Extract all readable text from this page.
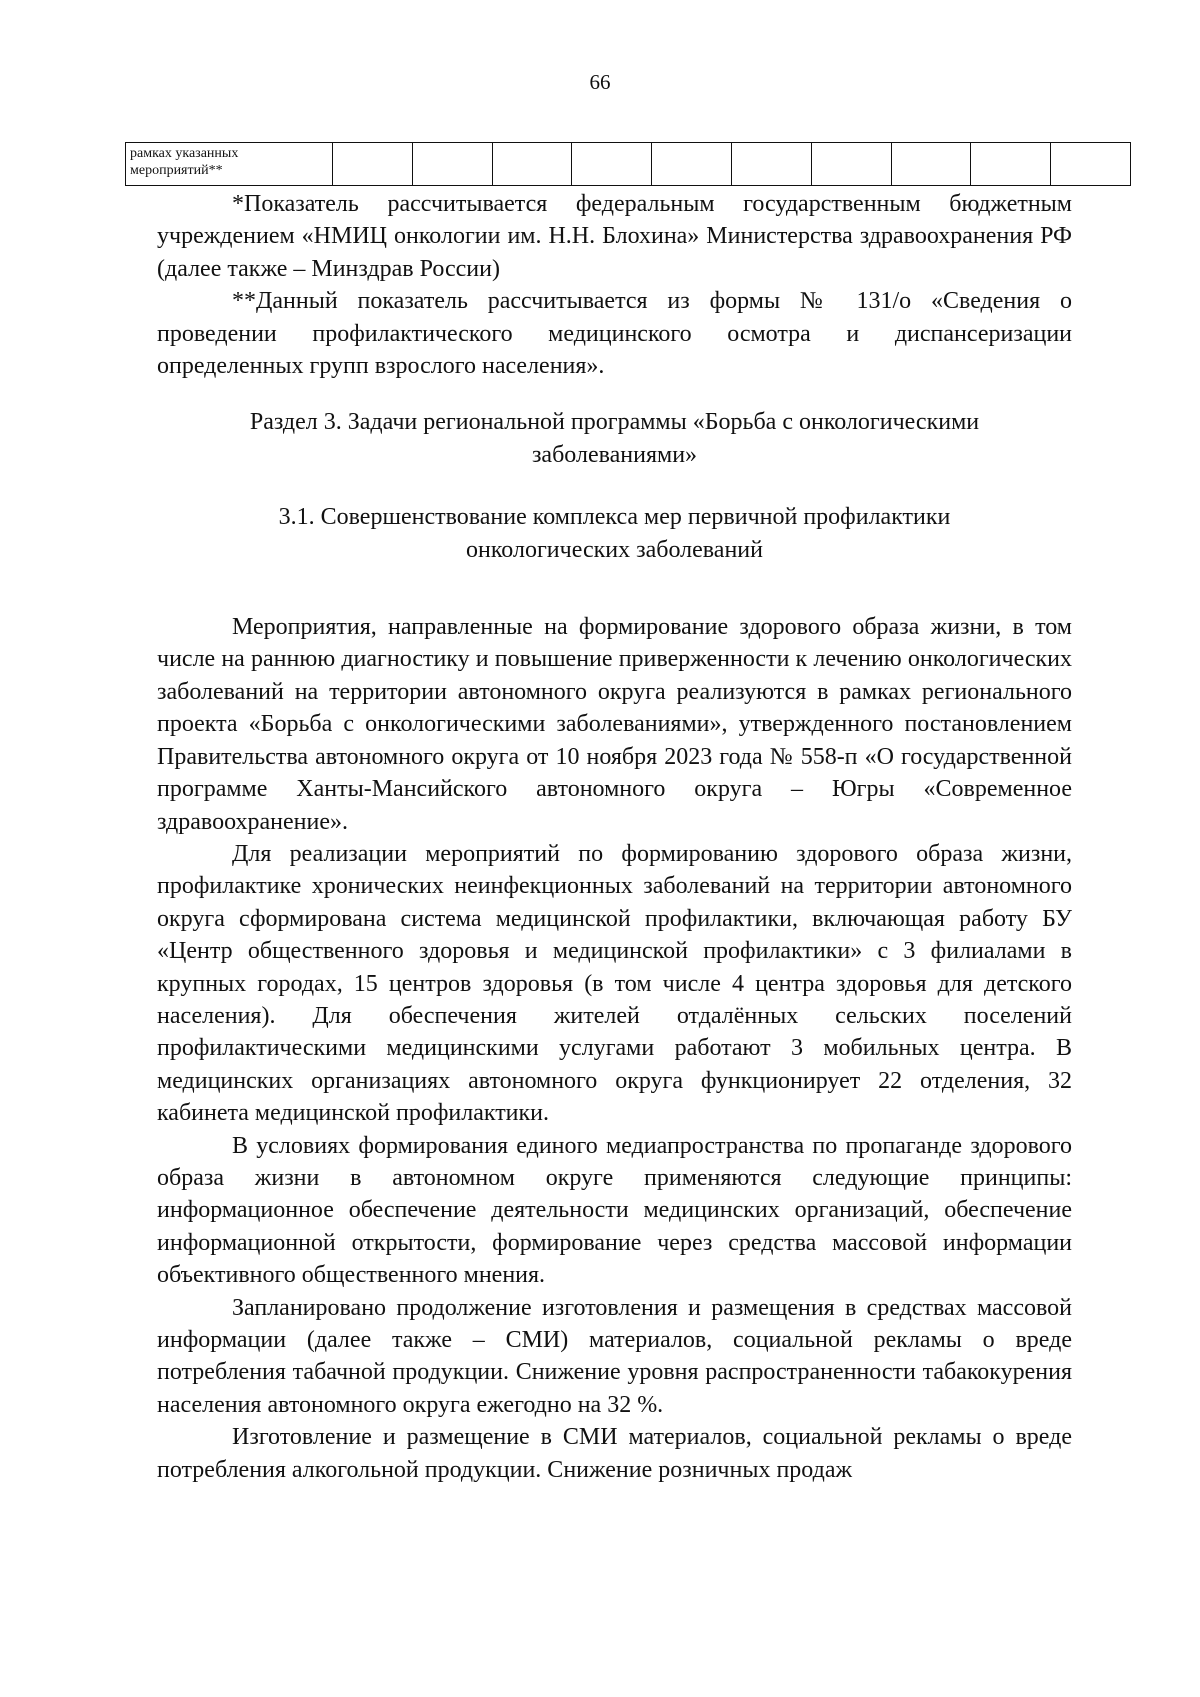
66
рамках указанных
мероприятий**

*Показатель рассчитывается федеральным государственным бюджетным учреждением «НМИЦ онкологии им. Н.Н. Блохина» Министерства здравоохранения РФ (далее также – Минздрав России)

**Данный показатель рассчитывается из формы № 131/о «Сведения о проведении профилактического медицинского осмотра и диспансеризации определенных групп взрослого населения».

Раздел 3. Задачи региональной программы «Борьба с онкологическими
заболеваниями»
3.1. Совершенствование комплекса мер первичной профилактики
онкологических заболеваний

Мероприятия, направленные на формирование здорового образа жизни, в том числе на раннюю диагностику и повышение приверженности к лечению онкологических заболеваний на территории автономного округа реализуются в рамках регионального проекта «Борьба с онкологическими заболеваниями», утвержденного постановлением Правительства автономного округа от 10 ноября 2023 года № 558-п «О государственной программе Ханты-Мансийского автономного округа – Югры «Современное здравоохранение».

Для реализации мероприятий по формированию здорового образа жизни, профилактике хронических неинфекционных заболеваний на территории автономного округа сформирована система медицинской профилактики, включающая работу БУ «Центр общественного здоровья и медицинской профилактики» с 3 филиалами в крупных городах, 15 центров здоровья (в том числе 4 центра здоровья для детского населения). Для обеспечения жителей отдалённых сельских поселений профилактическими медицинскими услугами работают 3 мобильных центра. В медицинских организациях автономного округа функционирует 22 отделения, 32 кабинета медицинской профилактики.

В условиях формирования единого медиапространства по пропаганде здорового образа жизни в автономном округе применяются следующие принципы: информационное обеспечение деятельности медицинских организаций, обеспечение информационной открытости, формирование через средства массовой информации объективного общественного мнения.

Запланировано продолжение изготовления и размещения в средствах массовой информации (далее также – СМИ) материалов, социальной рекламы о вреде потребления табачной продукции. Снижение уровня распространенности табакокурения населения автономного округа ежегодно на 32 %.

Изготовление и размещение в СМИ материалов, социальной рекламы о вреде потребления алкогольной продукции. Снижение розничных продаж
